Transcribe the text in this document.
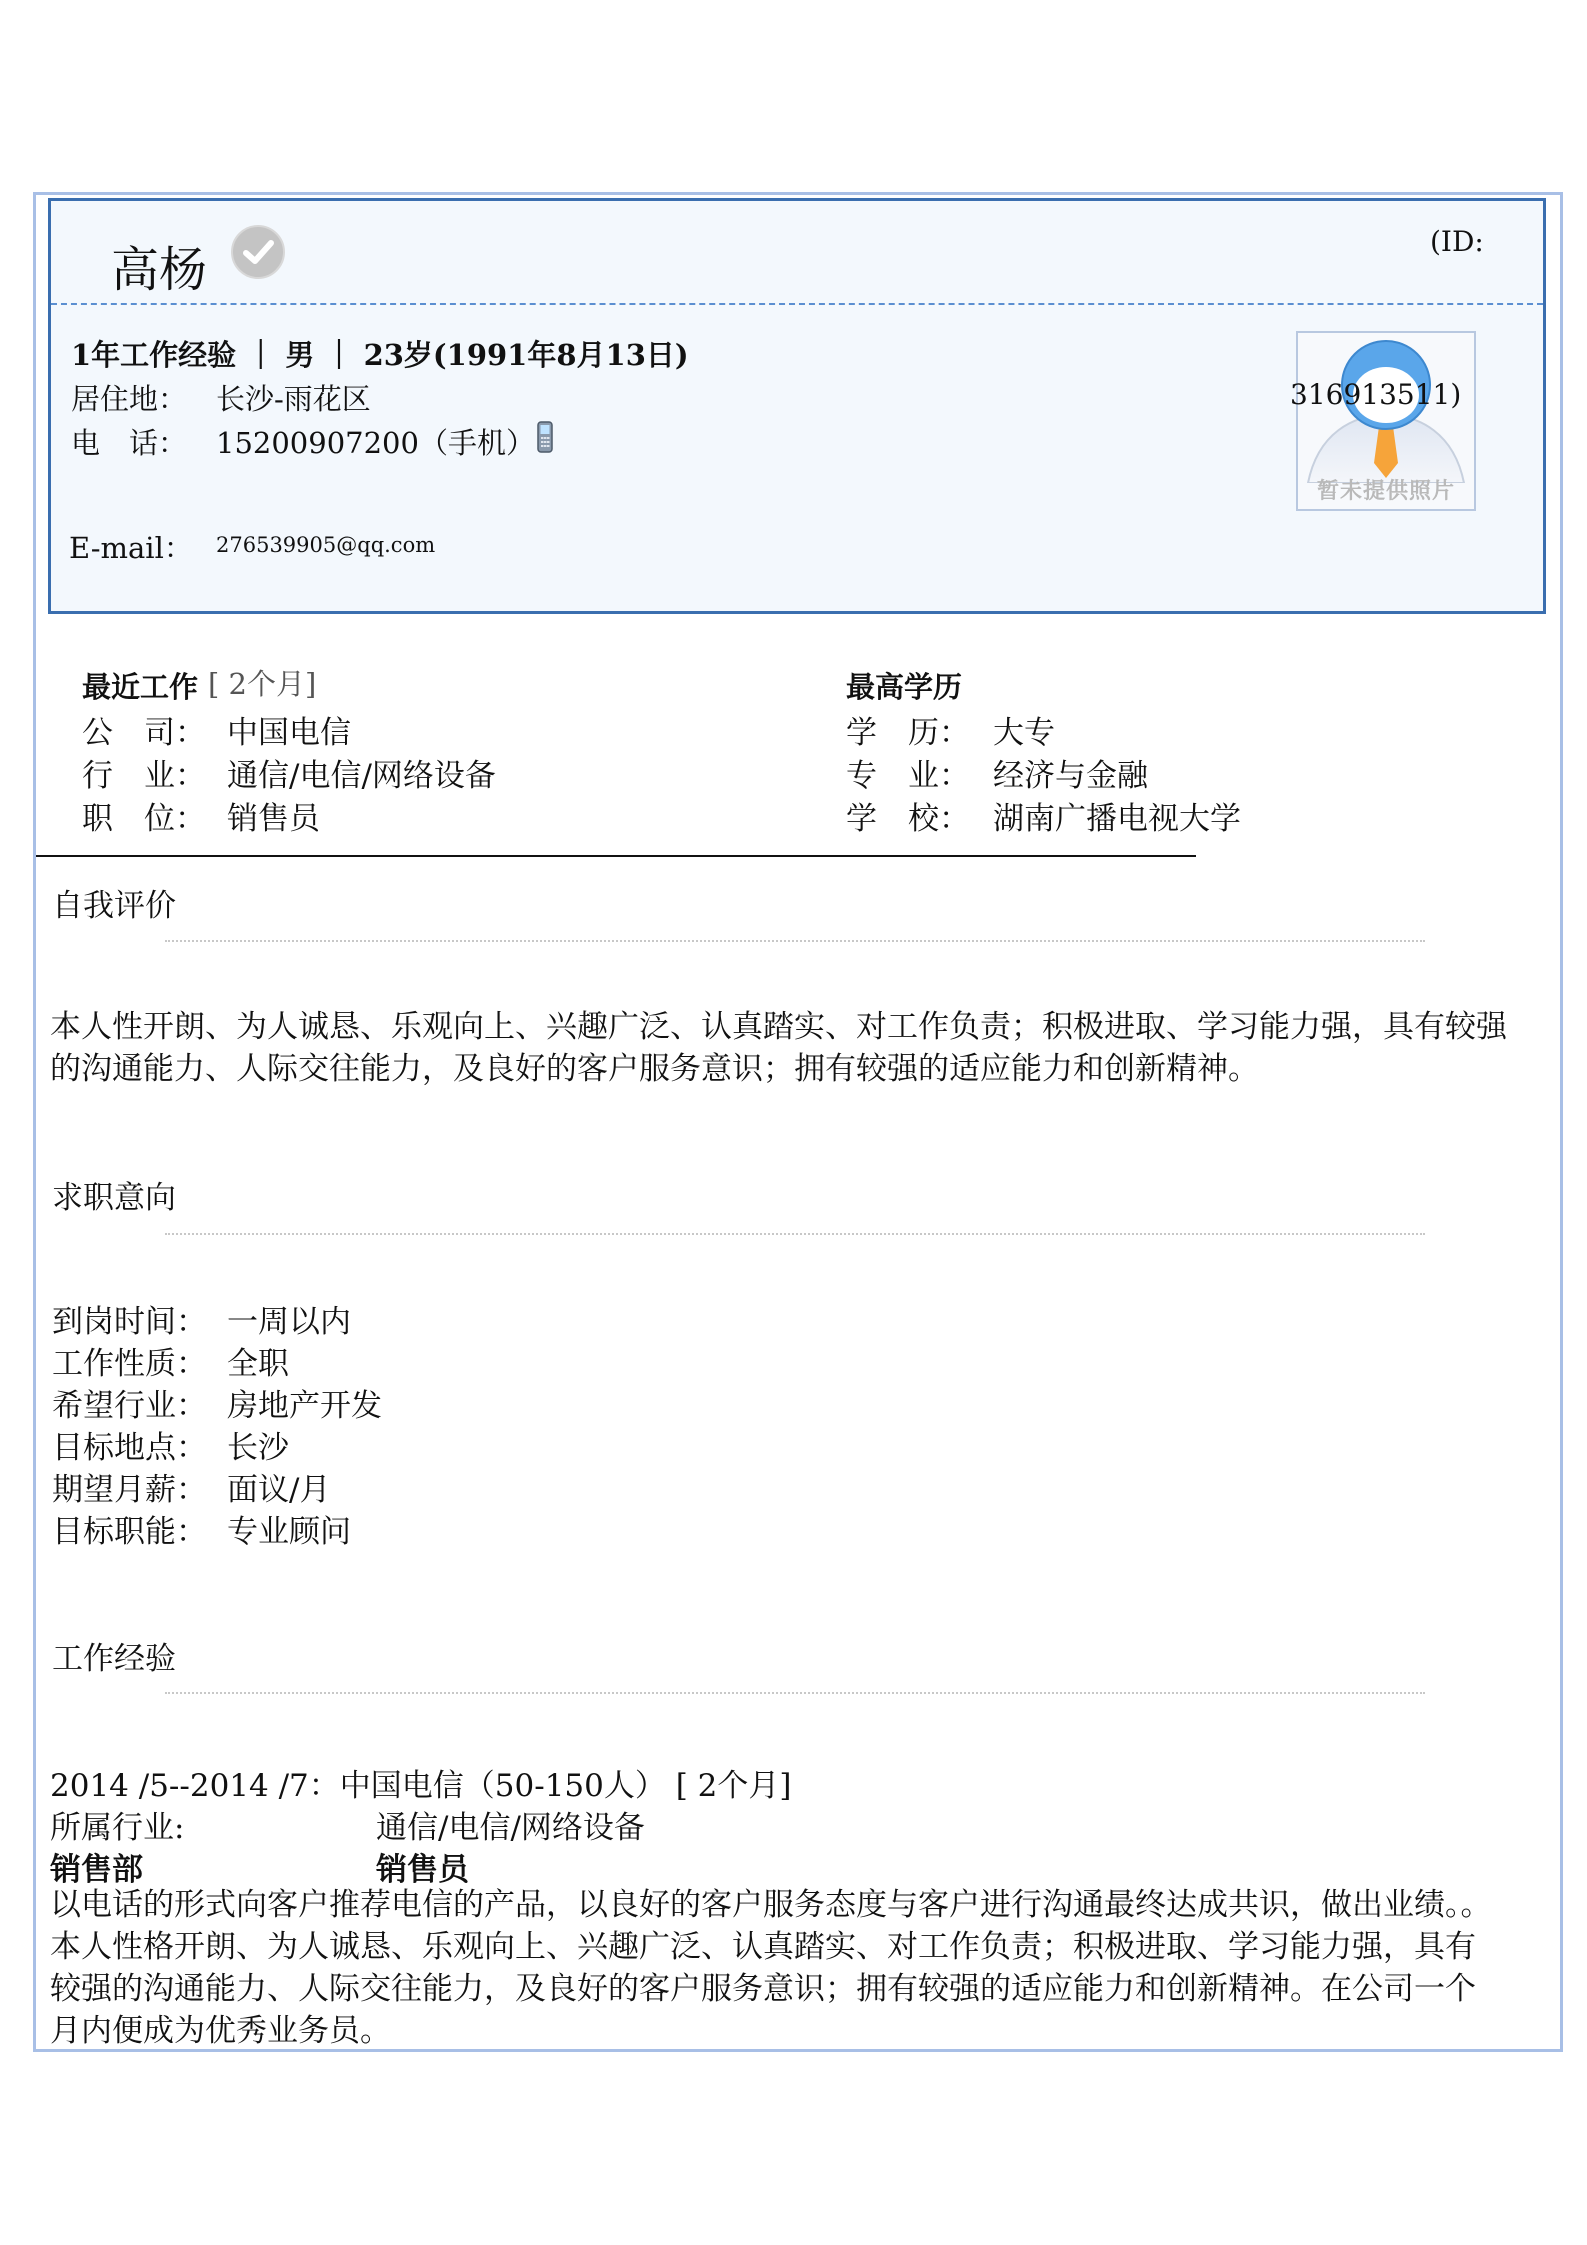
高杨
1年工作经验 ｜ 男 ｜ 23岁(1991年8月13日)
居住地： 长沙-雨花区
电　话： 15200907200（手机）
E-mail： 276539905@qq.com
暂未提供照片
(ID:
316913511)
最近工作 [ 2个月]
公　司： 中国电信
行　业： 通信/电信/网络设备
职　位： 销售员
最高学历
学　历： 大专
专　业： 经济与金融
学　校： 湖南广播电视大学
自我评价
本人性开朗、为人诚恳、乐观向上、兴趣广泛、认真踏实、对工作负责；积极进取、学习能力强，具有较强
的沟通能力、人际交往能力，及良好的客户服务意识；拥有较强的适应能力和创新精神。
求职意向
到岗时间： 一周以内
工作性质： 全职
希望行业： 房地产开发
目标地点： 长沙
期望月薪： 面议/月
目标职能： 专业顾问
工作经验
2014 /5--2014 /7：中国电信（50-150人） [ 2个月]
所属行业:	通信/电信/网络设备
销售部	销售员
以电话的形式向客户推荐电信的产品，以良好的客户服务态度与客户进行沟通最终达成共识，做出业绩。。
本人性格开朗、为人诚恳、乐观向上、兴趣广泛、认真踏实、对工作负责；积极进取、学习能力强，具有
较强的沟通能力、人际交往能力，及良好的客户服务意识；拥有较强的适应能力和创新精神。在公司一个
月内便成为优秀业务员。
